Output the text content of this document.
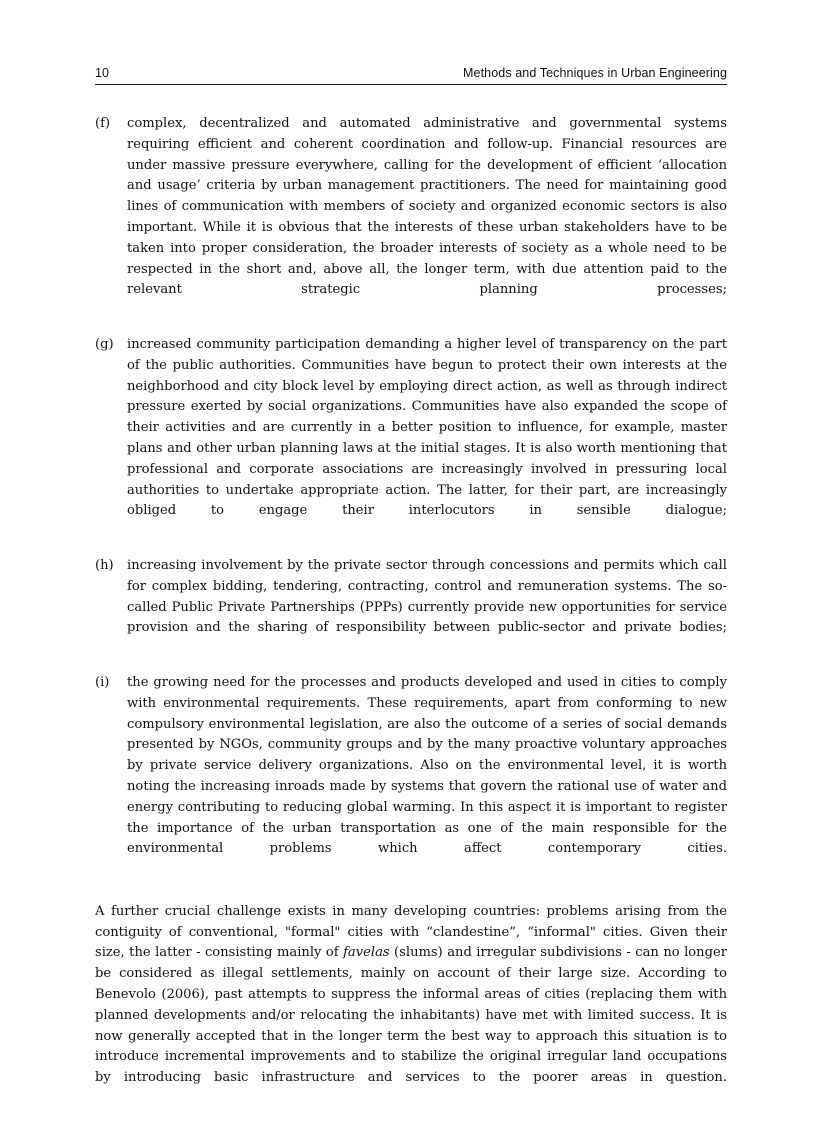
10	Methods and Techniques in Urban Engineering
(f)	complex, decentralized and automated administrative and governmental systems requiring efficient and coherent coordination and follow-up. Financial resources are under massive pressure everywhere, calling for the development of efficient ‘allocation and usage’ criteria by urban management practitioners. The need for maintaining good lines of communication with members of society and organized economic sectors is also important. While it is obvious that the interests of these urban stakeholders have to be taken into proper consideration, the broader interests of society as a whole need to be respected in the short and, above all, the longer term, with due attention paid to the relevant strategic planning processes;
(g)	increased community participation demanding a higher level of transparency on the part of the public authorities. Communities have begun to protect their own interests at the neighborhood and city block level by employing direct action, as well as through indirect pressure exerted by social organizations. Communities have also expanded the scope of their activities and are currently in a better position to influence, for example, master plans and other urban planning laws at the initial stages. It is also worth mentioning that professional and corporate associations are increasingly involved in pressuring local authorities to undertake appropriate action. The latter, for their part, are increasingly obliged to engage their interlocutors in sensible dialogue;
(h)	increasing involvement by the private sector through concessions and permits which call for complex bidding, tendering, contracting, control and remuneration systems. The so-called Public Private Partnerships (PPPs) currently provide new opportunities for service provision and the sharing of responsibility between public-sector and private bodies;
(i)	the growing need for the processes and products developed and used in cities to comply with environmental requirements. These requirements, apart from conforming to new compulsory environmental legislation, are also the outcome of a series of social demands presented by NGOs, community groups and by the many proactive voluntary approaches by private service delivery organizations. Also on the environmental level, it is worth noting the increasing inroads made by systems that govern the rational use of water and energy contributing to reducing global warming. In this aspect it is important to register the importance of the urban transportation as one of the main responsible for the environmental problems which affect contemporary cities.

A further crucial challenge exists in many developing countries: problems arising from the contiguity of conventional, "formal" cities with “clandestine”, “informal" cities. Given their size, the latter - consisting mainly of favelas (slums) and irregular subdivisions - can no longer be considered as illegal settlements, mainly on account of their large size. According to Benevolo (2006), past attempts to suppress the informal areas of cities (replacing them with planned developments and/or relocating the inhabitants) have met with limited success. It is now generally accepted that in the longer term the best way to approach this situation is to introduce incremental improvements and to stabilize the original irregular land occupations by introducing basic infrastructure and services to the poorer areas in question.
